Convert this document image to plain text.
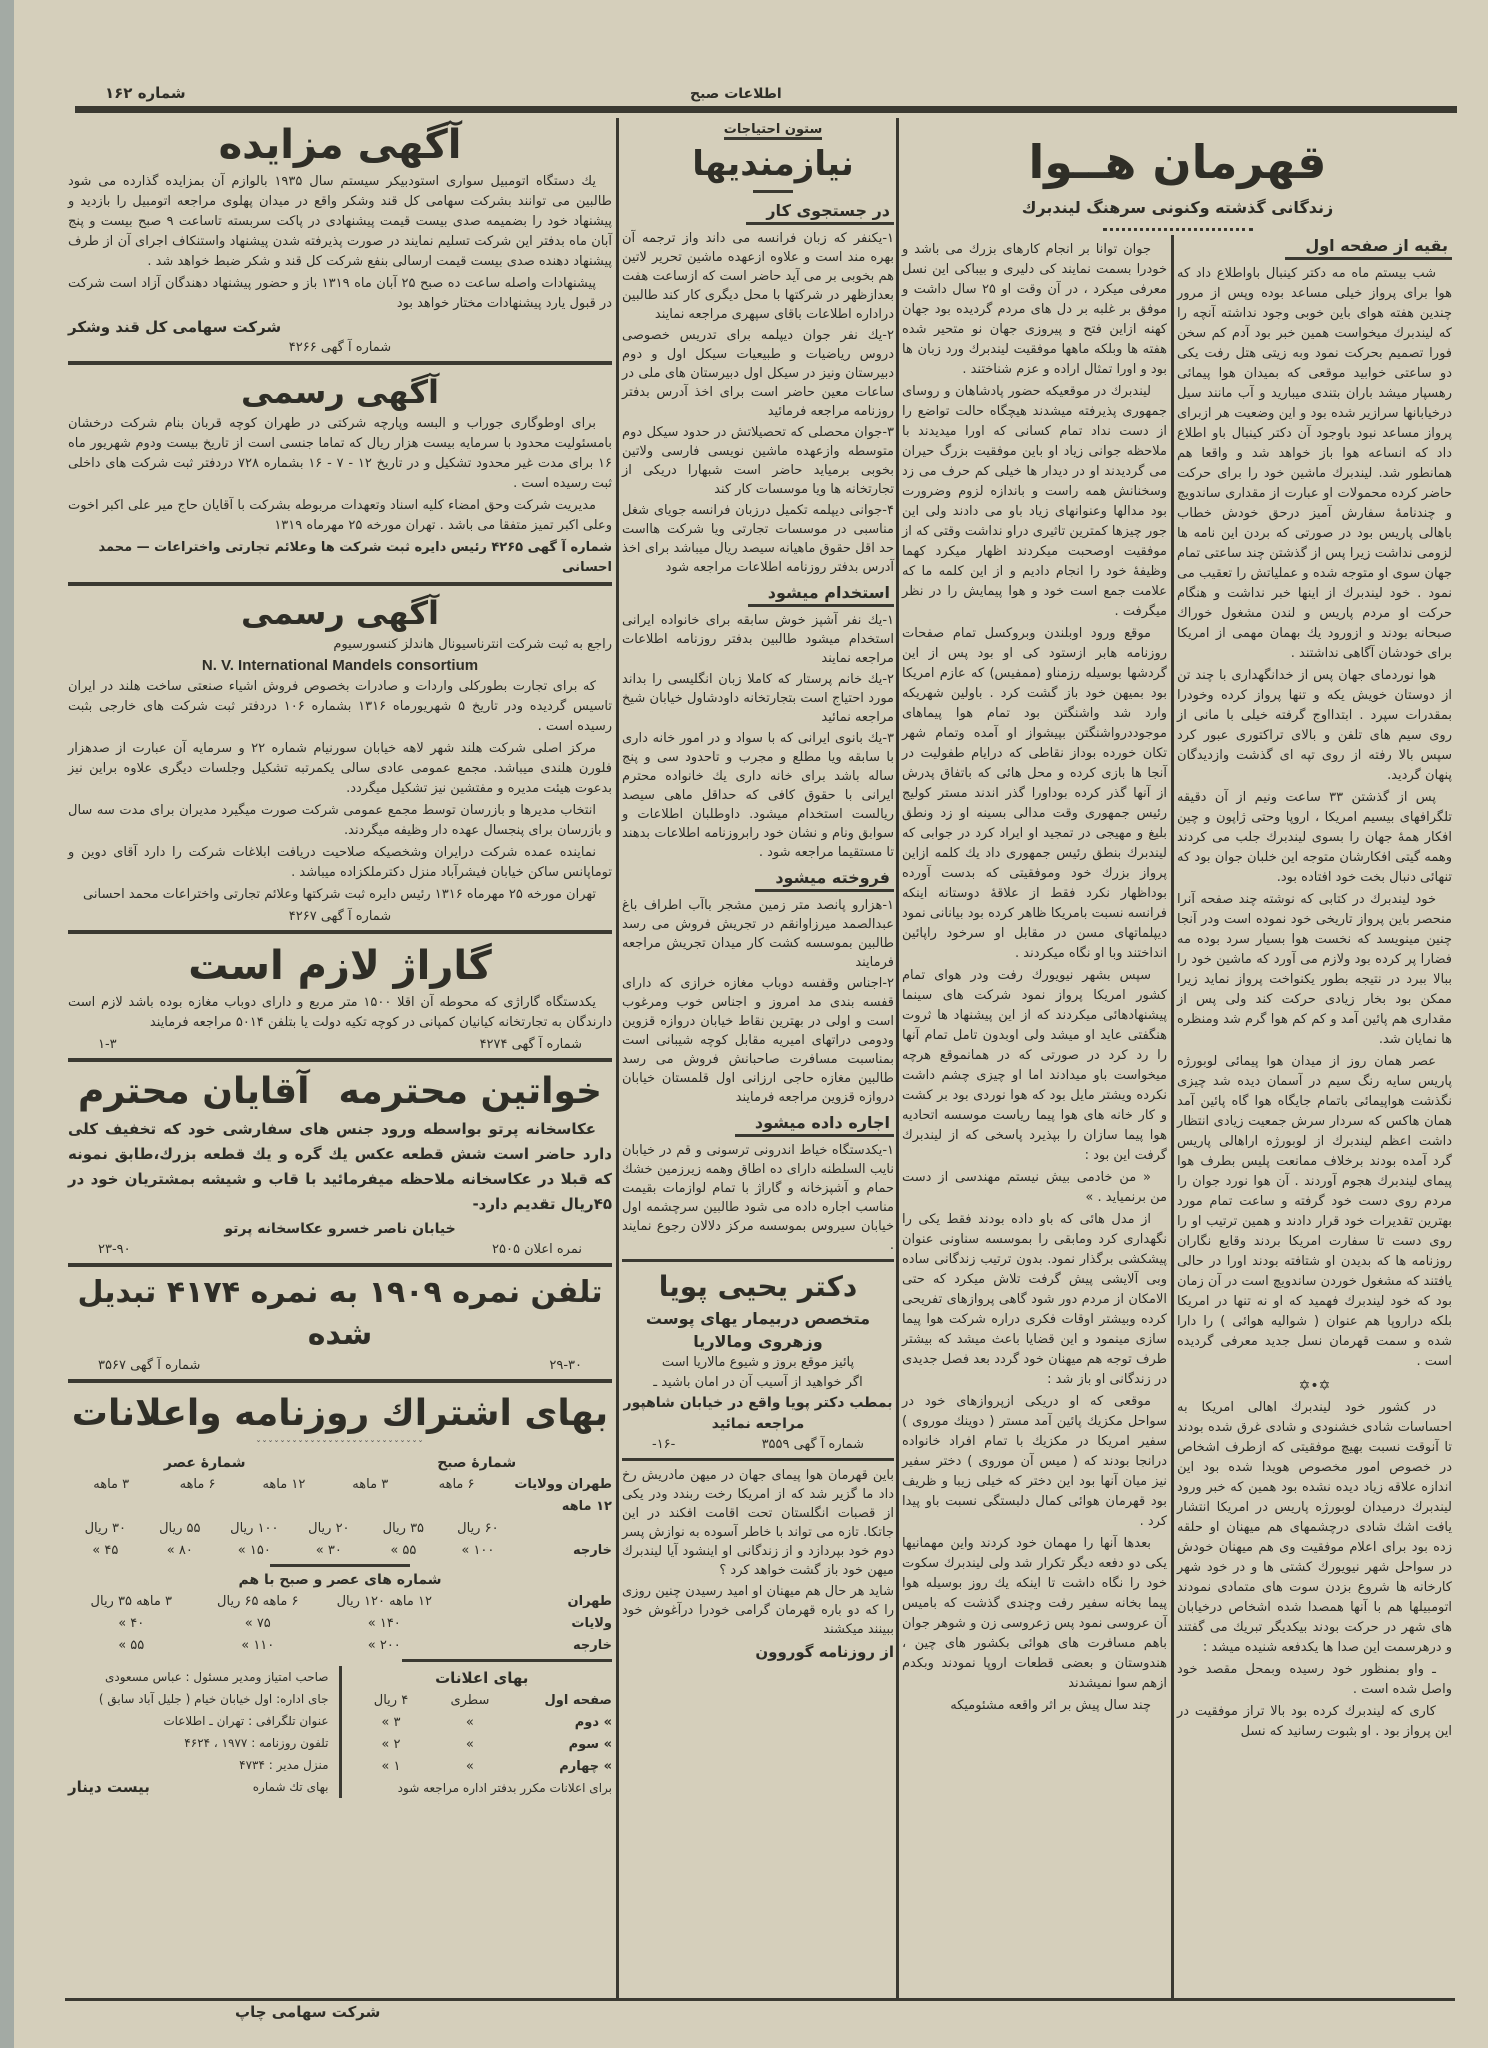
شماره ۱۶۲	اطلاعات صبح
آگهی مزایده

یك دستگاه اتومبیل سواری استودبیکر سیستم سال ۱۹۳۵ بالوازم آن بمزایده گذارده می شود طالبین می توانند بشرکت سهامی کل قند وشکر واقع در میدان پهلوی مراجعه اتومبیل را بازدید و پیشنهاد خود را بضمیمه صدی بیست قیمت پیشنهادی در پاکت سربسته تاساعت ۹ صبح بیست و پنج آبان ماه بدفتر این شرکت تسلیم نمایند در صورت پذیرفته شدن پیشنهاد واستنکاف اجرای آن از طرف پیشنهاد دهنده صدی بیست قیمت ارسالی بنفع شرکت کل قند و شکر ضبط خواهد شد .

پیشنهادات واصله ساعت ده صبح ۲۵ آبان ماه ۱۳۱۹ باز و حضور پیشنهاد دهندگان آزاد است شرکت در قبول یارد پیشنهادات مختار خواهد بود

شرکت سهامی کل قند وشکر
شماره آ گهی ۴۲۶۶
آگهی رسمی

برای اوطوگاری جوراب و البسه وپارچه شرکتی در طهران کوچه قربان بنام شرکت درخشان بامسئولیت محدود با سرمایه بیست هزار ریال که تماما جنسی است از تاریخ بیست ودوم شهریور ماه ۱۶ برای مدت غیر محدود تشکیل و در تاریخ ۱۲ - ۷ - ۱۶ بشماره ۷۲۸ دردفتر ثبت شرکت های داخلی ثبت رسیده است .

مدیریت شرکت وحق امضاء کلیه اسناد وتعهدات مربوطه بشرکت با آقایان حاج میر علی اکبر اخوت وعلی اکبر تمیز متفقا می باشد . تهران مورخه ۲۵ مهرماه ۱۳۱۹

شماره آ گهی ۴۲۶۵ رئیس دایره ثبت شرکت ها وعلائم تجارتی واختراعات — محمد احسانی
آگهی رسمی
راجع به ثبت شرکت انترناسیونال هاندلز کنسورسیوم
N. V. International Mandels consortium

که برای تجارت بطورکلی واردات و صادرات بخصوص فروش اشیاء صنعتی ساخت هلند در ایران تاسیس گردیده ودر تاریخ ۵ شهریورماه ۱۳۱۶ بشماره ۱۰۶ دردفتر ثبت شرکت های خارجی بثبت رسیده است .

مرکز اصلی شرکت هلند شهر لاهه خیابان سورنیام شماره ۲۲ و سرمایه آن عبارت از صدهزار فلورن هلندی میباشد. مجمع عمومی عادی سالی یکمرتبه تشکیل وجلسات دیگری علاوه براین نیز بدعوت هیئت مدیره و مفتشین نیز تشکیل میگردد.

انتخاب مدیرها و بازرسان توسط مجمع عمومی شرکت صورت میگیرد مدیران برای مدت سه سال و بازرسان برای پنجسال عهده دار وظیفه میگردند.

نماینده عمده شرکت درایران وشخصیکه صلاحیت دریافت ابلاغات شرکت را دارد آقای دوین و توماپانس ساکن خیابان فیشرآباد منزل دکترملکزاده میباشد .

تهران مورخه ۲۵ مهرماه ۱۳۱۶ رئیس دایره ثبت شرکتها وعلائم تجارتی واختراعات محمد احسانی

شماره آ گهی ۴۲۶۷
گاراژ لازم است

یکدستگاه گاراژی که محوطه آن اقلا ۱۵۰۰ متر مربع و دارای دوباب مغازه بوده باشد لازم است دارندگان به تجارتخانه کیانیان کمپانی در کوچه تکیه دولت یا بتلفن ۵۰۱۴ مراجعه فرمایند

شماره آ گهی ۴۲۷۴
۱-۳
خواتین محترمه
آقایان محترم

عکاسخانه پرتو بواسطه ورود جنس های سفارشی خود که تخفیف کلی دارد حاضر است شش قطعه عکس یك گره و یك قطعه بزرك،طابق نمونه که قبلا در عکاسخانه ملاحظه میفرمائید با قاب و شیشه بمشتریان خود در ۴۵ریال تقدیم دارد-

خیابان ناصر خسرو عکاسخانه پرتو
نمره اعلان ۲۵۰۵
۲۳-۹۰
تلفن نمره ۱۹۰۹ به نمره ۴۱۷۴ تبدیل شده
۲۹-۳۰
شماره آ گهی ۳۵۶۷
بهای اشتراك روزنامه واعلانات
ˇˇˇˇˇˇˇˇˇˇˇˇˇˇˇˇˇˇˇˇˇˇˇˇˇˇˇˇ
شمارهٔ صبح
شمارهٔ عصر
طهران وولایات ۱۲ ماهه
۶ ماهه
۳ ماهه
۱۲ ماهه
۶ ماهه
۳ ماهه
۶۰ ریال
۳۵ ریال
۲۰ ریال
۱۰۰ ریال
۵۵ ریال
۳۰ ریال
خارجه
۱۰۰ »
۵۵ »
۳۰ »
۱۵۰ »
۸۰ »
۴۵ »
شماره های عصر و صبح با هم
طهران
۱۲ ماهه ۱۲۰ ریال
۶ ماهه ۶۵ ریال
۳ ماهه ۳۵ ریال
ولایات
۱۴۰ »
۷۵ »
۴۰ »
خارجه
۲۰۰ »
۱۱۰ »
۵۵ »
بهای اعلانات
صفحه اول
سطری
۴ ریال
» دوم
»
۳ »
» سوم
»
۲ »
» چهارم
»
۱ »
برای اعلانات مکرر بدفتر اداره مراجعه شود
صاحب امتیاز ومدیر مسئول : عباس مسعودی
جای اداره: اول خیابان خیام ( جلیل آباد سابق )
عنوان تلگرافی : تهران ـ اطلاعات
تلفون روزنامه : ۱۹۷۷ ، ۴۶۲۴
منزل مدیر : ۴۷۳۴
بهای تك شماره
بیست دینار
شرکت سهامی چاپ
ستون احتیاجات
نیازمندیها
در جستجوی کار

۱-یکنفر که زبان فرانسه می داند واز ترجمه آن بهره مند است و علاوه ازعهده ماشین تحریر لاتین هم بخوبی بر می آید حاضر است که ازساعت هفت بعدازظهر در شرکتها با محل دیگری کار کند طالبین دراداره اطلاعات باقای سپهری مراجعه نمایند

۲-یك نفر جوان دیپلمه برای تدریس خصوصی دروس ریاضیات و طبیعیات سیکل اول و دوم دبیرستان ونیز در سیکل اول دبیرستان های ملی در ساعات معین حاضر است برای اخذ آدرس بدفتر روزنامه مراجعه فرمائید

۳-جوان محصلی که تحصیلاتش در حدود سیکل دوم متوسطه وازعهده ماشین نویسی فارسی ولاتین بخوبی برمیاید حاضر است شبهارا دریکی از تجارتخانه ها ویا موسسات کار کند

۴-جوانی دیپلمه تکمیل درزبان فرانسه جویای شغل مناسبی در موسسات تجارتی ویا شرکت هااست حد اقل حقوق ماهیانه سیصد ریال میباشد برای اخذ آدرس بدفتر روزنامه اطلاعات مراجعه شود

استخدام میشود

۱-یك نفر آشپز خوش سابقه برای خانواده ایرانی استخدام میشود طالبین بدفتر روزنامه اطلاعات مراجعه نمایند

۲-یك خانم پرستار که کاملا زبان انگلیسی را بداند مورد احتیاج است بتجارتخانه داودشاول خیابان شیخ مراجعه نمائید

۳-یك بانوی ایرانی که با سواد و در امور خانه داری با سابقه ویا مطلع و مجرب و تاحدود سی و پنج ساله باشد برای خانه داری یك خانواده محترم ایرانی با حقوق کافی که حداقل ماهی سیصد ریالست استخدام میشود. داوطلبان اطلاعات و سوابق ونام و نشان خود رابروزنامه اطلاعات بدهند تا مستقیما مراجعه شود .

فروخته میشود

۱-هزارو پانصد متر زمین مشجر باآب اطراف باغ عبدالصمد میرزاوانقم در تجریش فروش می رسد طالبین بموسسه کشت کار میدان تجریش مراجعه فرمایند

۲-اجناس وقفسه دوباب مغازه خرازی که دارای قفسه بندی مد امروز و اجناس خوب ومرغوب است و اولی در بهترین نقاط خیابان دروازه قزوین ودومی دراتهای امیریه مقابل کوچه شیبانی است بمناسبت مسافرت صاحبانش فروش می رسد طالبین مغازه حاجی ارزانی اول قلمستان خیابان دروازه قزوین مراجعه فرمایند

اجاره داده میشود

۱-یکدستگاه خیاط اندرونی ترسونی و قم در خیابان نایب السلطنه دارای ده اطاق وهمه زیرزمین خشك حمام و آشپزخانه و گاراژ با تمام لوازمات بقیمت مناسب اجاره داده می شود طالبین سرچشمه اول خیابان سیروس بموسسه مرکز دلالان رجوع نمایند .

دکتر یحیی پویا
متخصص دربیمار یهای پوست وزهروی ومالاریا
پائیز موقع بروز و شیوع مالاریا است
اگر خواهید از آسیب آن در امان باشید ـ
بمطب دکتر پویا واقع در خیابان شاهپور مراجعه نمائید
شماره آ گهی ۳۵۵۹
-۱۶-

باین قهرمان هوا پیمای جهان در میهن مادریش رخ داد ما گزیر شد که از امریکا رخت ربندد ودر یکی از قصبات انگلستان تحت اقامت افکند در این جاتکا. تازه می تواند با خاطر آسوده به نوازش پسر دوم خود بپردازد و از زندگانی او اینشود آیا لیندبرك میهن خود باز گشت خواهد کرد ؟

شاید هر حال هم میهنان او امید رسیدن چنین روزی را که دو باره قهرمان گرامی خودرا درآغوش خود ببینند میکشند

از روزنامه گوروون
قهرمان هــوا
زندگانی گذشته وکنونی سرهنگ لیندبرك
بقیه از صفحه اول

شب بیستم ماه مه دکتر کینبال باواطلاع داد که هوا برای پرواز خیلی مساعد بوده وپس از مرور چندین هفته هوای باین خوبی وجود نداشته آنچه را که لیندبرك میخواست همین خبر بود آدم کم سخن فورا تصمیم بحرکت نمود وبه زیتی هتل رفت یکی دو ساعتی خوابید موقعی که بمیدان هوا پیمائی رهسپار میشد باران بتندی میبارید و آب مانند سیل درخیابانها سرازیر شده بود و این وضعیت هر ازبرای پرواز مساعد نبود باوجود آن دکتر کینبال باو اطلاع داد که انساعه هوا باز خواهد شد و واقعا هم همانطور شد. لیندبرك ماشین خود را برای حرکت حاضر کرده محمولات او عبارت از مقداری ساندویچ و چندنامهٔ سفارش آمیز درحق خودش خطاب باهالی پاریس بود در صورتی که بردن این نامه ها لزومی نداشت زیرا پس از گذشتن چند ساعتی تمام جهان سوی او متوجه شده و عملیاتش را تعقیب می نمود . خود لیندبرك از اینها خبر نداشت و هنگام حرکت او مردم پاریس و لندن مشغول خوراك صبحانه بودند و ازورود یك بهمان مهمی از امریکا برای خودشان آگاهی نداشتند .

هوا نوردمای جهان پس از خدانگهداری با چند تن از دوستان خویش یکه و تنها پرواز کرده وخودرا بمقدرات سپرد . ابتدااوج گرفته خیلی با مانی از روی سیم های تلفن و بالای تراکتوری عبور کرد سپس بالا رفته از روی تپه ای گذشت وازدیدگان پنهان گردید.

پس از گذشتن ۳۳ ساعت ونیم از آن دقیقه تلگرافهای بیسیم امریکا ، اروپا وحتی ژاپون و چین افکار همهٔ جهان را بسوی لیندبرك جلب می کردند وهمه گیتی افکارشان متوجه این خلبان جوان بود که تنهائی دنبال بخت خود افتاده بود.

خود لیندبرك در کتابی که نوشته چند صفحه آنرا منحصر باین پرواز تاریخی خود نموده است ودر آنجا چنین مینویسد که نخست هوا بسیار سرد بوده مه فضارا پر کرده بود ولازم می آورد که ماشین خود را ببالا ببرد در نتیجه بطور یکنواخت پرواز نماید زیرا ممکن بود بخار زیادی حرکت کند ولی پس از مقداری هم پائین آمد و کم کم هوا گرم شد ومنظره ها نمایان شد.

عصر همان روز از میدان هوا پیمائی لوبورژه پاریس سایه رنگ سیم در آسمان دیده شد چیزی نگذشت هواپیمائی باتمام جایگاه هوا گاه پائین آمد همان هاکس که سردار سرش جمعیت زیادی انتظار داشت اعظم لیندبرك از لوبورژه اراهالی پاریس گرد آمده بودند برخلاف ممانعت پلیس بطرف هوا پیمای لیندبرك هجوم آوردند . آن هوا نورد جوان را مردم روی دست خود گرفته و ساعت تمام مورد بهترین تقدیرات خود قرار دادند و همین ترتیب او را روی دست تا سفارت امریکا بردند وقایع نگاران روزنامه ها که بدیدن او شتافته بودند اورا در حالی یافتند که مشغول خوردن ساندویچ است در آن زمان بود که خود لیندبرك فهمید که او نه تنها در امریکا بلکه دراروپا هم عنوان ( شوالیه هوائی ) را دارا شده و سمت قهرمان نسل جدید معرفی گردیده است .

✡•✡

در کشور خود لیندبرك اهالی امریکا به احساسات شادی خشنودی و شادی غرق شده بودند تا آنوقت نسبت بهیچ موفقیتی که ازطرف اشخاص در خصوص امور مخصوص هویدا شده بود این اندازه علاقه زیاد دیده نشده بود همین که خبر ورود لیندبرك درمیدان لوبورژه پاریس در امریکا انتشار یافت اشك شادی درچشمهای هم میهنان او حلقه زده بود برای اعلام موفقیت وی هم میهنان خودش در سواحل شهر نیویورك کشتی ها و در خود شهر کارخانه ها شروع بزدن سوت های متمادی نمودند اتومبیلها هم با آنها همصدا شده اشخاص درخیابان های شهر در حرکت بودند بیکدیگر تبریك می گفتند و درهرسمت این صدا ها یکدفعه شنیده میشد :

ـ واو بمنظور خود رسیده وبمحل مقصد خود واصل شده است .

کاری که لیندبرك کرده بود بالا تراز موفقیت در این پرواز بود . او بثبوت رسانید که نسل

جوان توانا بر انجام کارهای بزرك می باشد و خودرا بسمت نمایند کی دلیری و بیباکی این نسل معرفی میکرد ، در آن وقت او ۲۵ سال داشت و موفق بر غلبه بر دل های مردم گردیده بود جهان کهنه ازاین فتح و پیروزی جهان نو متحیر شده هفته ها وبلکه ماهها موفقیت لیندبرك ورد زبان ها بود و اورا تمثال اراده و عزم شناختند .

لیندبرك در موقعیکه حضور پادشاهان و روسای جمهوری پذیرفته میشدند هیچگاه حالت تواضع را از دست نداد تمام کسانی که اورا میدیدند با ملاحظه جوانی زیاد او باین موفقیت بزرگ حیران می گردیدند او در دیدار ها خیلی کم حرف می زد وسخنانش همه راست و باندازه لزوم وضرورت بود مدالها وعنوانهای زیاد باو می دادند ولی این جور چیزها کمترین تاثیری دراو نداشت وقتی که از موفقیت اوصحبت میکردند اظهار میکرد کهما وظیفهٔ خود را انجام دادیم و از این کلمه ما که علامت جمع است خود و هوا پیمایش را در نظر میگرفت .

موقع ورود اوبلندن وبروکسل تمام صفحات روزنامه هابر ازستود کی او بود پس از این گردشها بوسیله رزمناو (ممفیس) که عازم امریکا بود بمیهن خود باز گشت کرد . باولین شهریکه وارد شد واشنگتن بود تمام هوا پیماهای موجوددرواشنگتن بپیشواز او آمده وتمام شهر تکان خورده بوداز نقاطی که درایام طفولیت در آنجا ها بازی کرده و محل هائی که باتفاق پدرش از آنها گذر کرده بوداورا گذر اندند مستر کولیج رئیس جمهوری وقت مدالی بسینه او زد ونطق بلیغ و مهیجی در تمجید او ایراد کرد در جوابی که لیندبرك بنطق رئیس جمهوری داد یك کلمه ازاین پرواز بزرك خود وموفقیتی که بدست آورده بوداظهار نکرد فقط از علاقهٔ دوستانه اینکه فرانسه نسبت بامریکا ظاهر کرده بود بیانانی نمود دیپلماتهای مسن در مقابل او سرخود راپائین انداختند وبا او نگاه میکردند .

سپس بشهر نیویورك رفت ودر هوای تمام کشور امریکا پرواز نمود شرکت های سینما پیشنهادهائی میکردند که از این پیشنهاد ها ثروت هنگفتی عاید او میشد ولی اوبدون تامل تمام آنها را رد کرد در صورتی که در همانموقع هرچه میخواست باو میدادند اما او چیزی چشم داشت نکرده ویشتر مایل بود که هوا نوردی بود بر کشت و کار خانه های هوا پیما ریاست موسسه اتحادیه هوا پیما سازان را بپذیرد پاسخی که از لیندبرك گرفت این بود :

« من خادمی بیش نیستم مهندسی از دست من برنمیاید . »

از مدل هائی که باو داده بودند فقط یکی را نگهداری کرد ومابقی را بموسسه سناونی عنوان پیشکشی برگذار نمود. بدون ترتیب زندگانی ساده وبی آلایشی پیش گرفت تلاش میکرد که حتی الامکان از مردم دور شود گاهی پروازهای تفریحی کرده وبیشتر اوقات فکری دراره شرکت هوا پیما سازی مینمود و این قضایا باعث میشد که بیشتر طرف توجه هم میهنان خود گردد بعد فصل جدیدی در زندگانی او باز شد :

موقعی که او دریکی ازپروازهای خود در سواحل مکزیك پائین آمد مستر ( دوینك موروی ) سفیر امریکا در مکزیك با تمام افراد خانواده درانجا بودند که ( میس آن موروی ) دختر سفیر نیز میان آنها بود این دختر که خیلی زیبا و ظریف بود قهرمان هوائی کمال دلبستگی نسبت باو پیدا کرد .

بعدها آنها را مهمان خود کردند واین مهمانیها یکی دو دفعه دیگر تکرار شد ولی لیندبرك سکوت خود را نگاه داشت تا اینکه یك روز بوسیله هوا پیما بخانه سفیر رفت وچندی گذشت که بامیس آن عروسی نمود پس زعروسی زن و شوهر جوان باهم مسافرت های هوائی بکشور های چین ، هندوستان و بعضی قطعات اروپا نمودند وبکدم ازهم سوا نمیشدند

چند سال پیش بر اثر واقعه مشئومیکه
